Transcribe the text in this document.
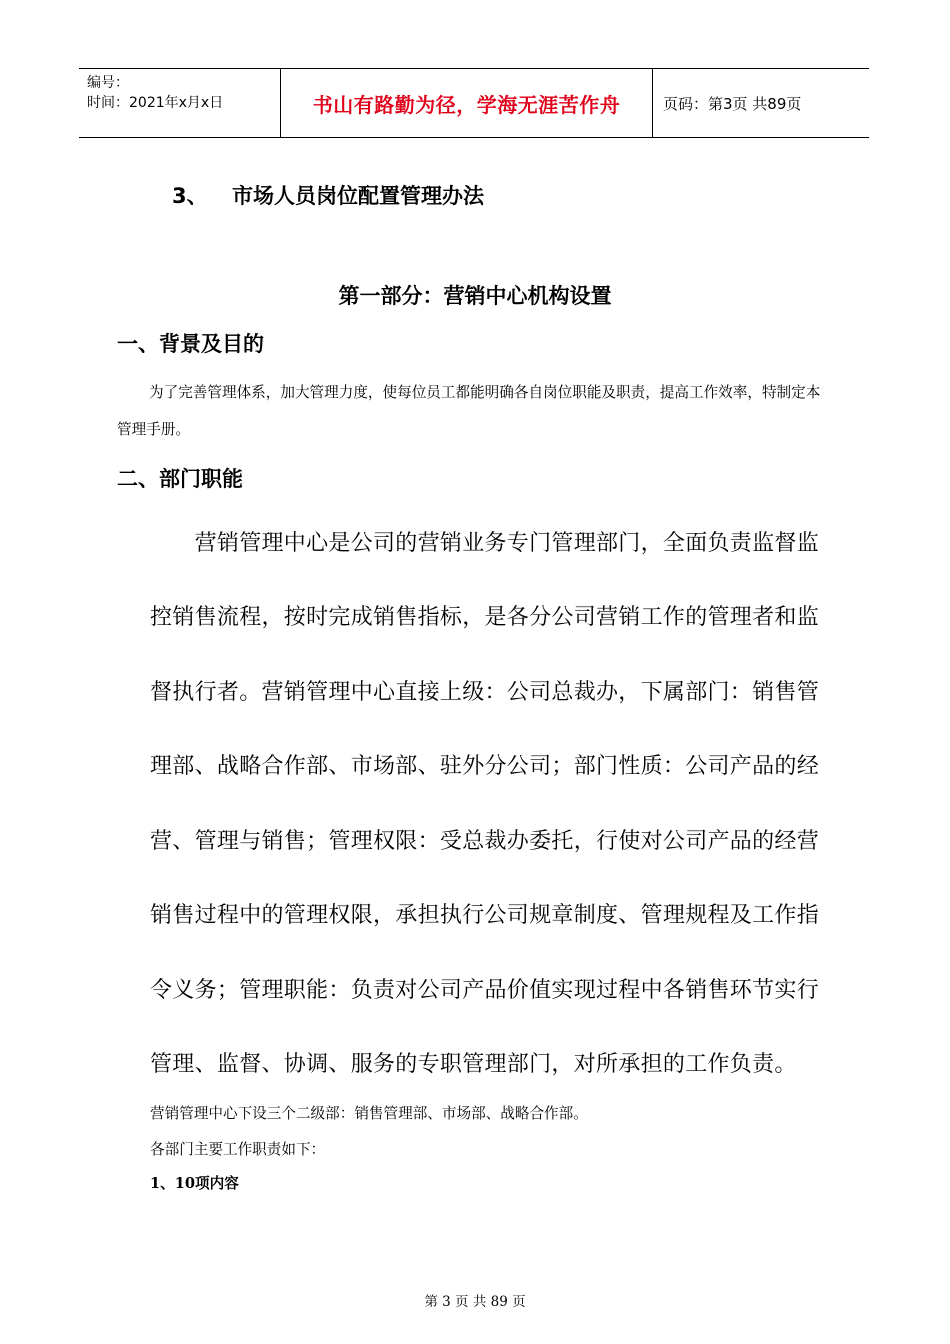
编号：
时间：2021年x月x日	书山有路勤为径，学海无涯苦作舟	页码：第3页 共89页
3、 市场人员岗位配置管理办法
第一部分：营销中心机构设置
一、背景及目的
为了完善管理体系，加大管理力度，使每位员工都能明确各自岗位职能及职责，提高工作效率，特制定本管理手册。
二、部门职能
　　营销管理中心是公司的营销业务专门管理部门，全面负责监督监
控销售流程，按时完成销售指标，是各分公司营销工作的管理者和监
督执行者。营销管理中心直接上级：公司总裁办，下属部门：销售管
理部、战略合作部、市场部、驻外分公司；部门性质：公司产品的经
营、管理与销售；管理权限：受总裁办委托，行使对公司产品的经营
销售过程中的管理权限，承担执行公司规章制度、管理规程及工作指
令义务；管理职能：负责对公司产品价值实现过程中各销售环节实行
管理、监督、协调、服务的专职管理部门，对所承担的工作负责。
营销管理中心下设三个二级部：销售管理部、市场部、战略合作部。
各部门主要工作职责如下：
1、10项内容
第 3 页 共 89 页
